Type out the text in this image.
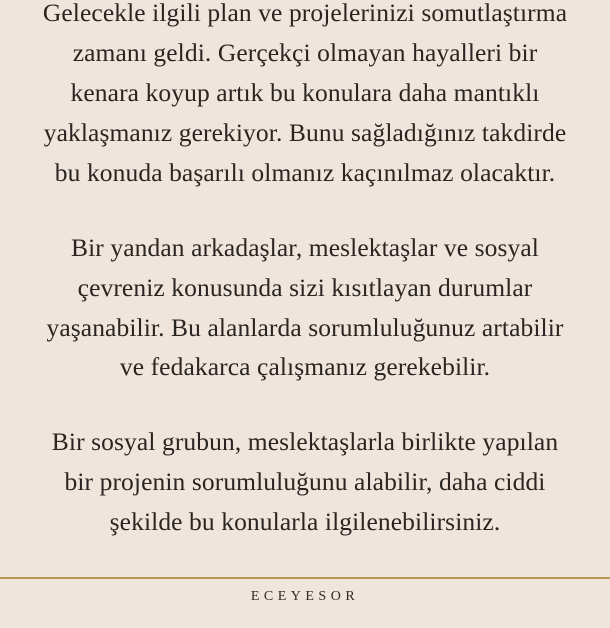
Gelecekle ilgili plan ve projelerinizi somutlaştırma
zamanı geldi. Gerçekçi olmayan hayalleri bir
kenara koyup artık bu konulara daha mantıklı
yaklaşmanız gerekiyor. Bunu sağladığınız takdirde
bu konuda başarılı olmanız kaçınılmaz olacaktır.
Bir yandan arkadaşlar, meslektaşlar ve sosyal
çevreniz konusunda sizi kısıtlayan durumlar
yaşanabilir. Bu alanlarda sorumluluğunuz artabilir
ve fedakarca çalışmanız gerekebilir.
Bir sosyal grubun, meslektaşlarla birlikte yapılan
bir projenin sorumluluğunu alabilir, daha ciddi
şekilde bu konularla ilgilenebilirsiniz.
ECEYESOR
